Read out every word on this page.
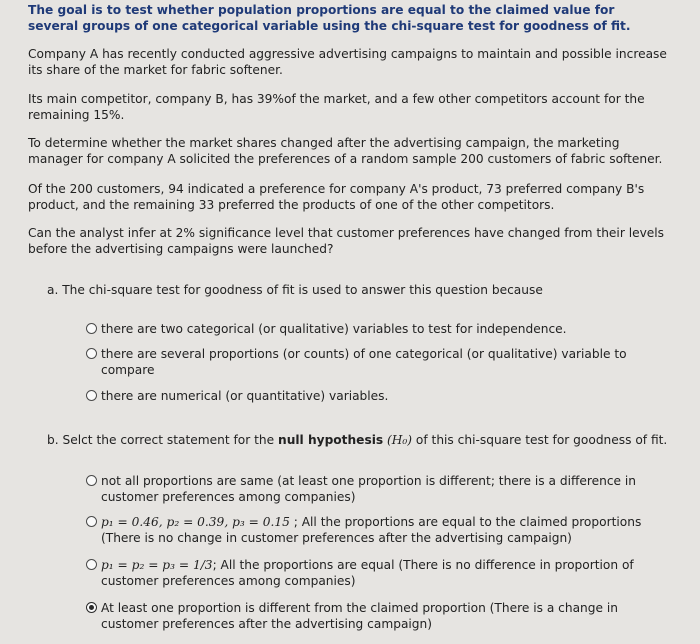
The goal is to test whether population proportions are equal to the claimed value for several groups of one categorical variable using the chi-square test for goodness of fit.

Company A has recently conducted aggressive advertising campaigns to maintain and possible increase its share of the market for fabric softener.

Its main competitor, company B, has 39%of the market, and a few other competitors account for the remaining 15%.

To determine whether the market shares changed after the advertising campaign, the marketing manager for company A solicited the preferences of a random sample 200 customers of fabric softener.

Of the 200 customers, 94 indicated a preference for company A's product, 73 preferred company B's product, and the remaining 33 preferred the products of one of the other competitors.

Can the analyst infer at 2% significance level that customer preferences have changed from their levels before the advertising campaigns were launched?

a. The chi-square test for goodness of fit is used to answer this question because

there are two categorical (or qualitative) variables to test for independence.
there are several proportions (or counts) of one categorical (or qualitative) variable to compare
there are numerical (or quantitative) variables.

b. Selct the correct statement for the null hypothesis (H₀) of this chi-square test for goodness of fit.

not all proportions are same (at least one proportion is different; there is a difference in customer preferences among companies)
p₁ = 0.46, p₂ = 0.39, p₃ = 0.15 ; All the proportions are equal to the claimed proportions (There is no change in customer preferences after the advertising campaign)
p₁ = p₂ = p₃ = 1/3; All the proportions are equal (There is no difference in proportion of customer preferences among companies)
At least one proportion is different from the claimed proportion (There is a change in customer preferences after the advertising campaign)
